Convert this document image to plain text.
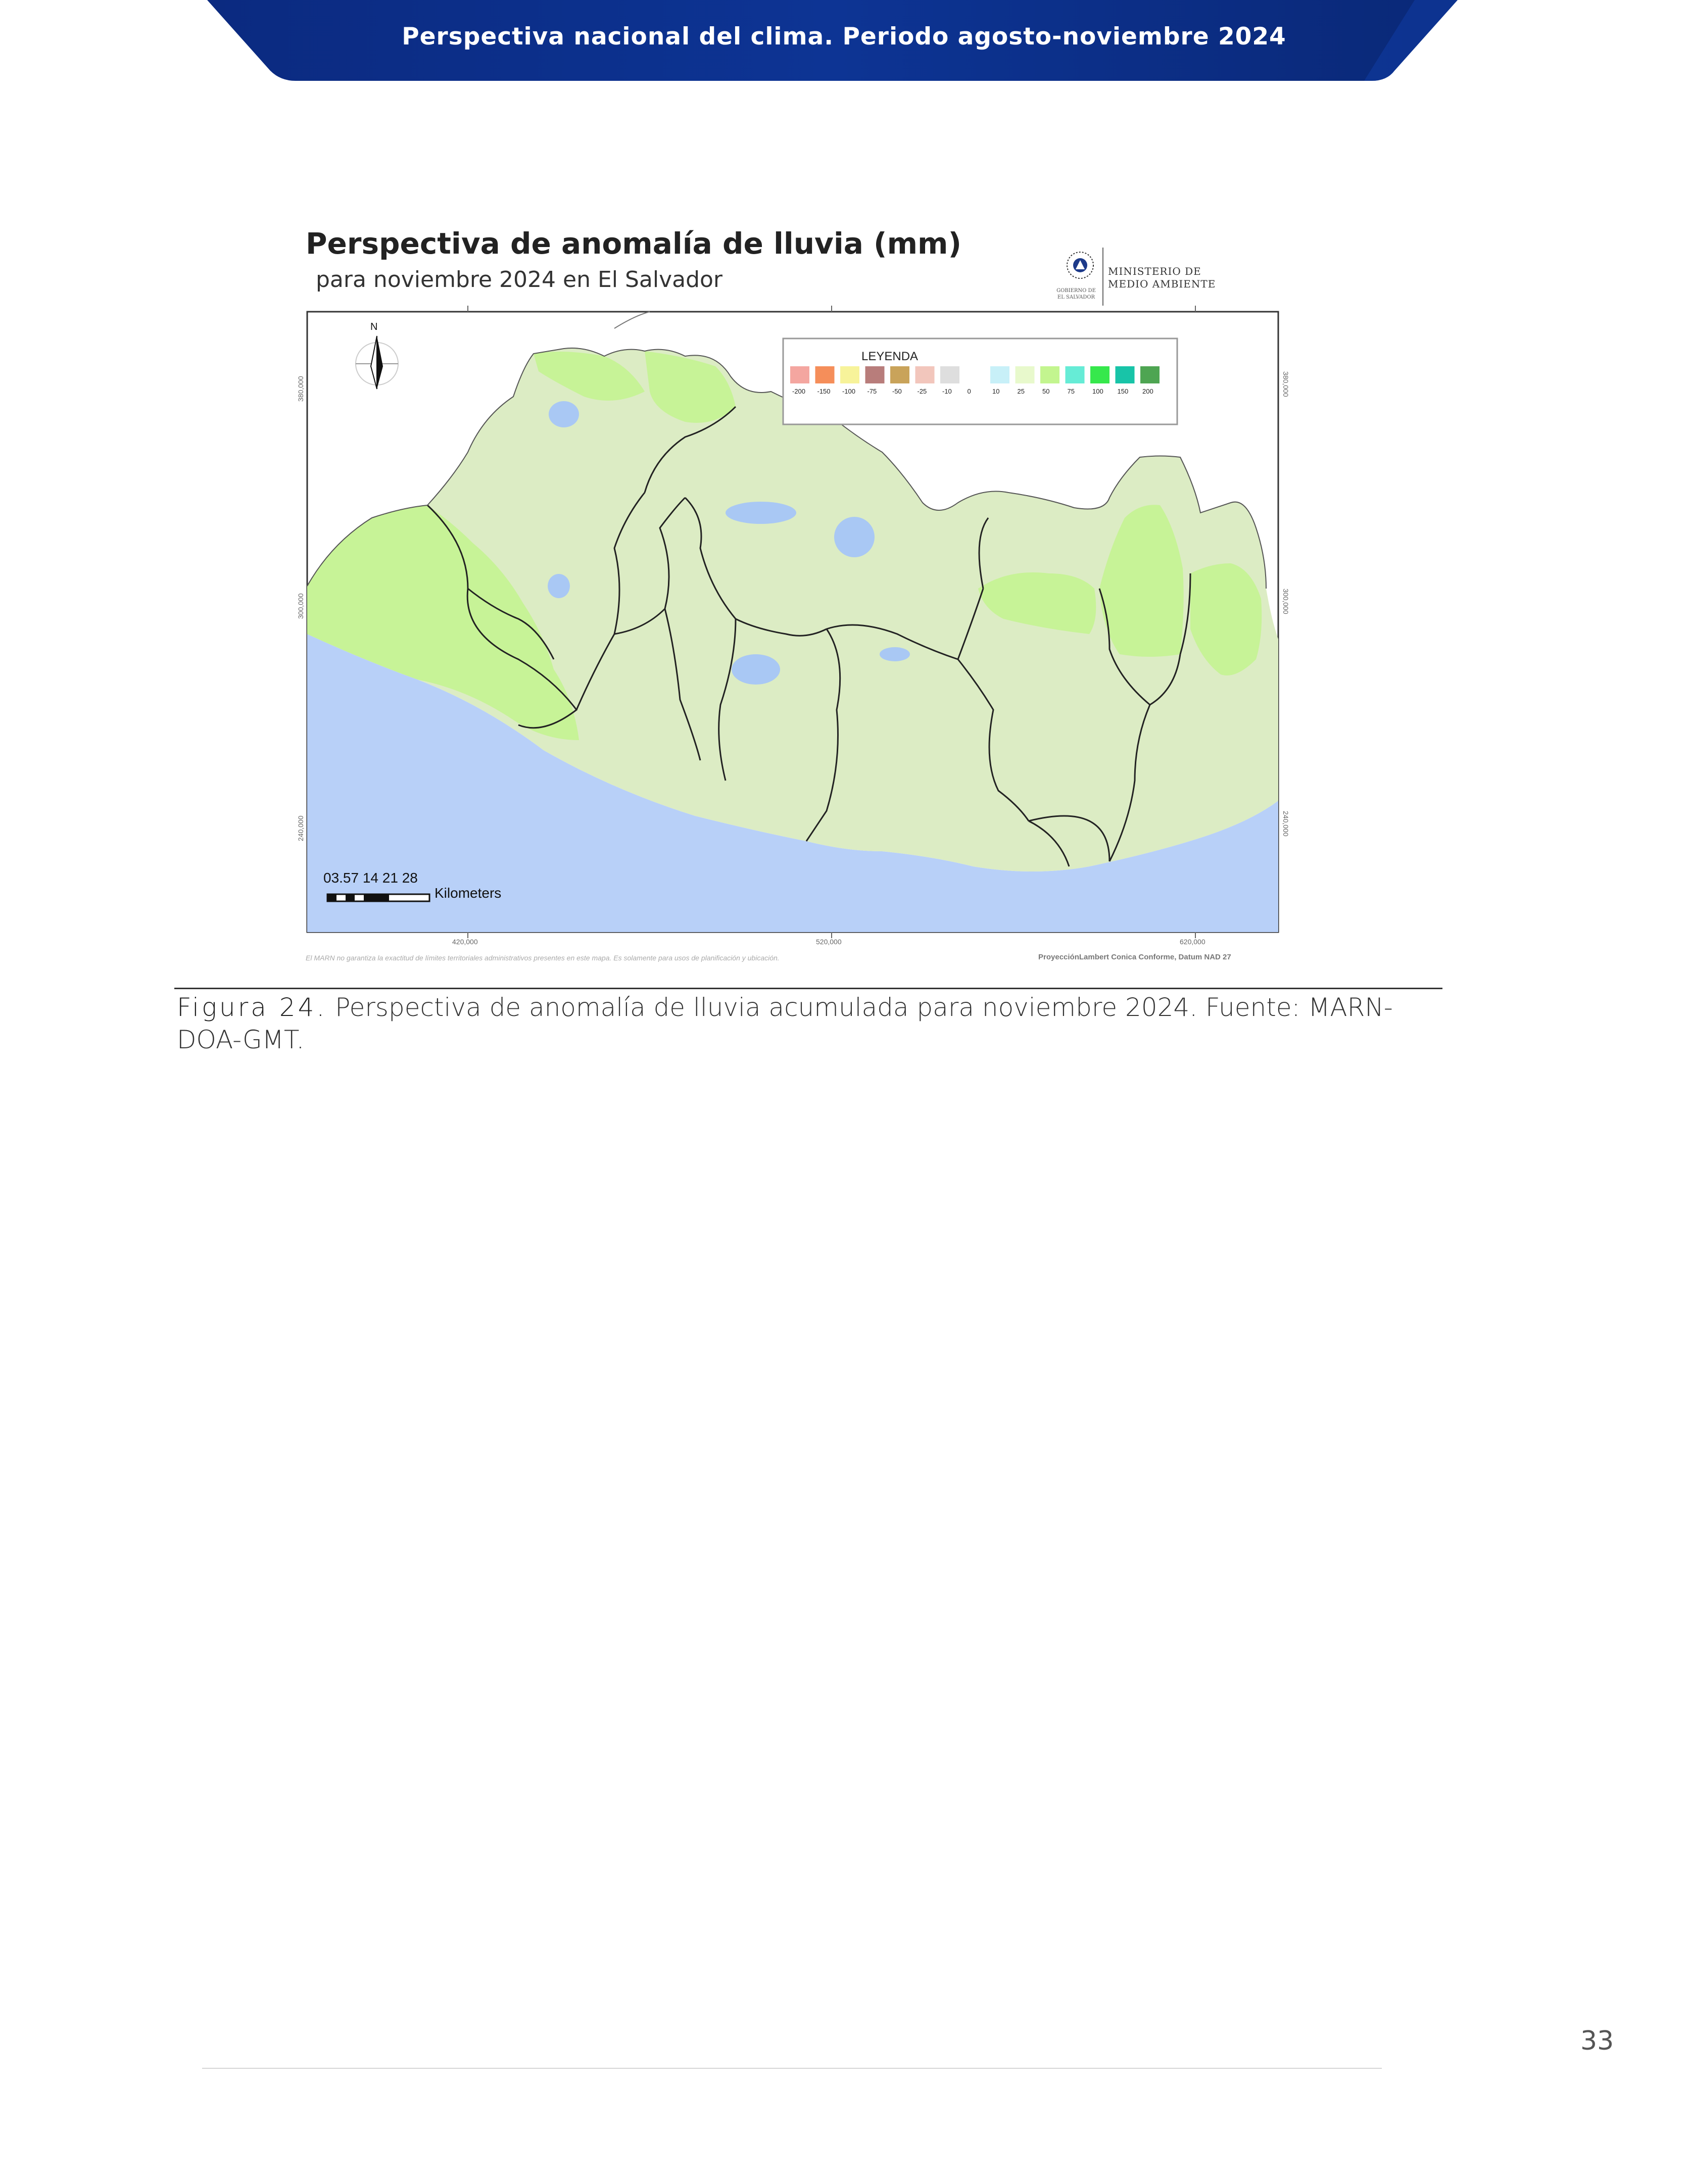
Perspectiva nacional del clima. Periodo agosto-noviembre 2024
Perspectiva de anomalía de lluvia (mm)
para noviembre 2024 en El Salvador	MINISTERIO DE
MEDIO AMBIENTE
GOBIERNO DE
EL SALVADOR
N
LEYENDA
-200 -150 -100 -75 -50 -25 -10 0	10	25	50	75	100 150 200
03.57 14 21 28
Kilometers
420,000	520,000	620,000
380,000
300,000
240,000
380,000
300,000
240,000
El MARN no garantiza la exactitud de límites territoriales administrativos presentes en este mapa. Es solamente para usos de planificación y ubicación.	ProyecciónLambert Conica Conforme, Datum NAD 27
Figura 24. Perspectiva de anomalía de lluvia acumulada para noviembre 2024. Fuente: MARN-DOA-GMT.
33
